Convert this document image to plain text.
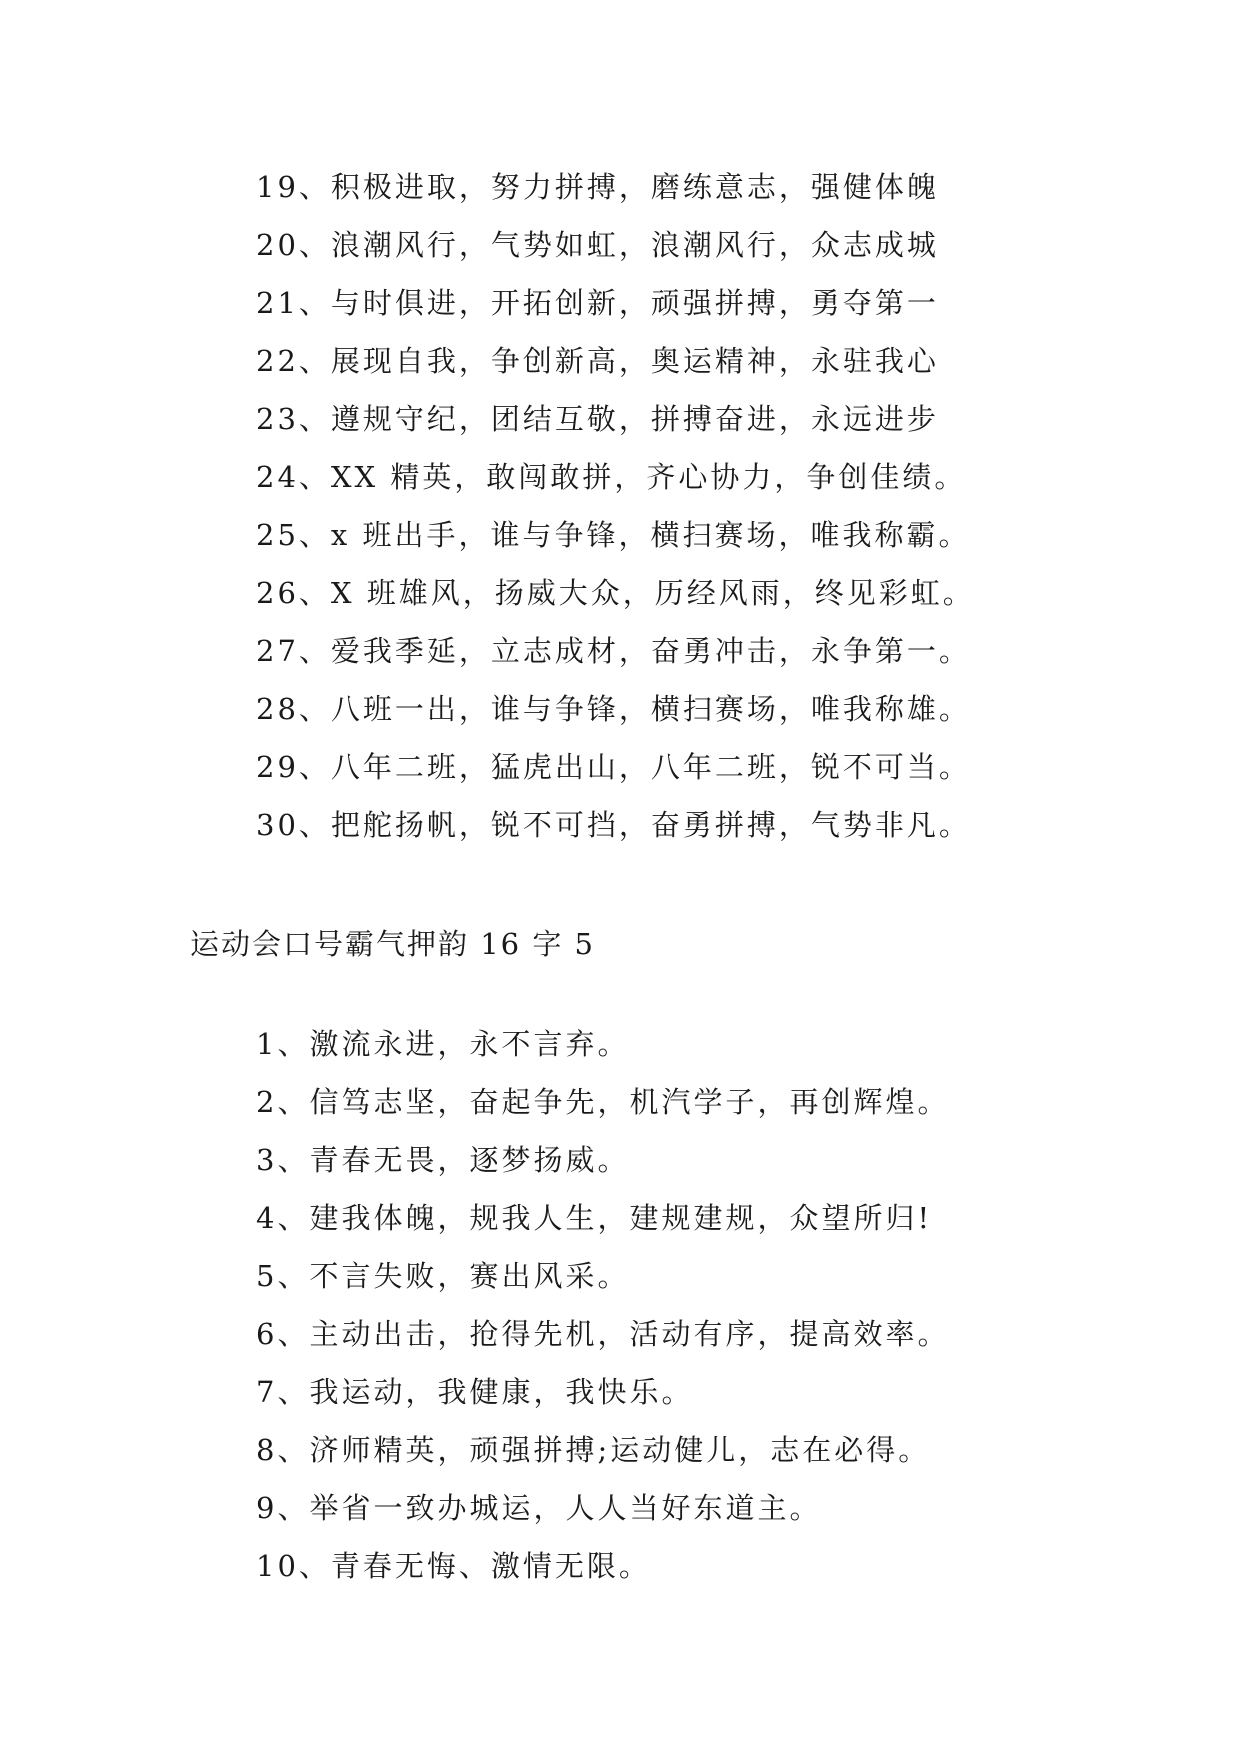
19、积极进取，努力拼搏，磨练意志，强健体魄
20、浪潮风行，气势如虹，浪潮风行，众志成城
21、与时俱进，开拓创新，顽强拼搏，勇夺第一
22、展现自我，争创新高，奥运精神，永驻我心
23、遵规守纪，团结互敬，拼搏奋进，永远进步
24、XX 精英，敢闯敢拼，齐心协力，争创佳绩。
25、x 班出手，谁与争锋，横扫赛场，唯我称霸。
26、X 班雄风，扬威大众，历经风雨，终见彩虹。
27、爱我季延，立志成材，奋勇冲击，永争第一。
28、八班一出，谁与争锋，横扫赛场，唯我称雄。
29、八年二班，猛虎出山，八年二班，锐不可当。
30、把舵扬帆，锐不可挡，奋勇拼搏，气势非凡。
运动会口号霸气押韵 16 字 5
1、激流永进，永不言弃。
2、信笃志坚，奋起争先，机汽学子，再创辉煌。
3、青春无畏，逐梦扬威。
4、建我体魄，规我人生，建规建规，众望所归!
5、不言失败，赛出风采。
6、主动出击，抢得先机，活动有序，提高效率。
7、我运动，我健康，我快乐。
8、济师精英，顽强拼搏;运动健儿，志在必得。
9、举省一致办城运，人人当好东道主。
10、青春无悔、激情无限。
